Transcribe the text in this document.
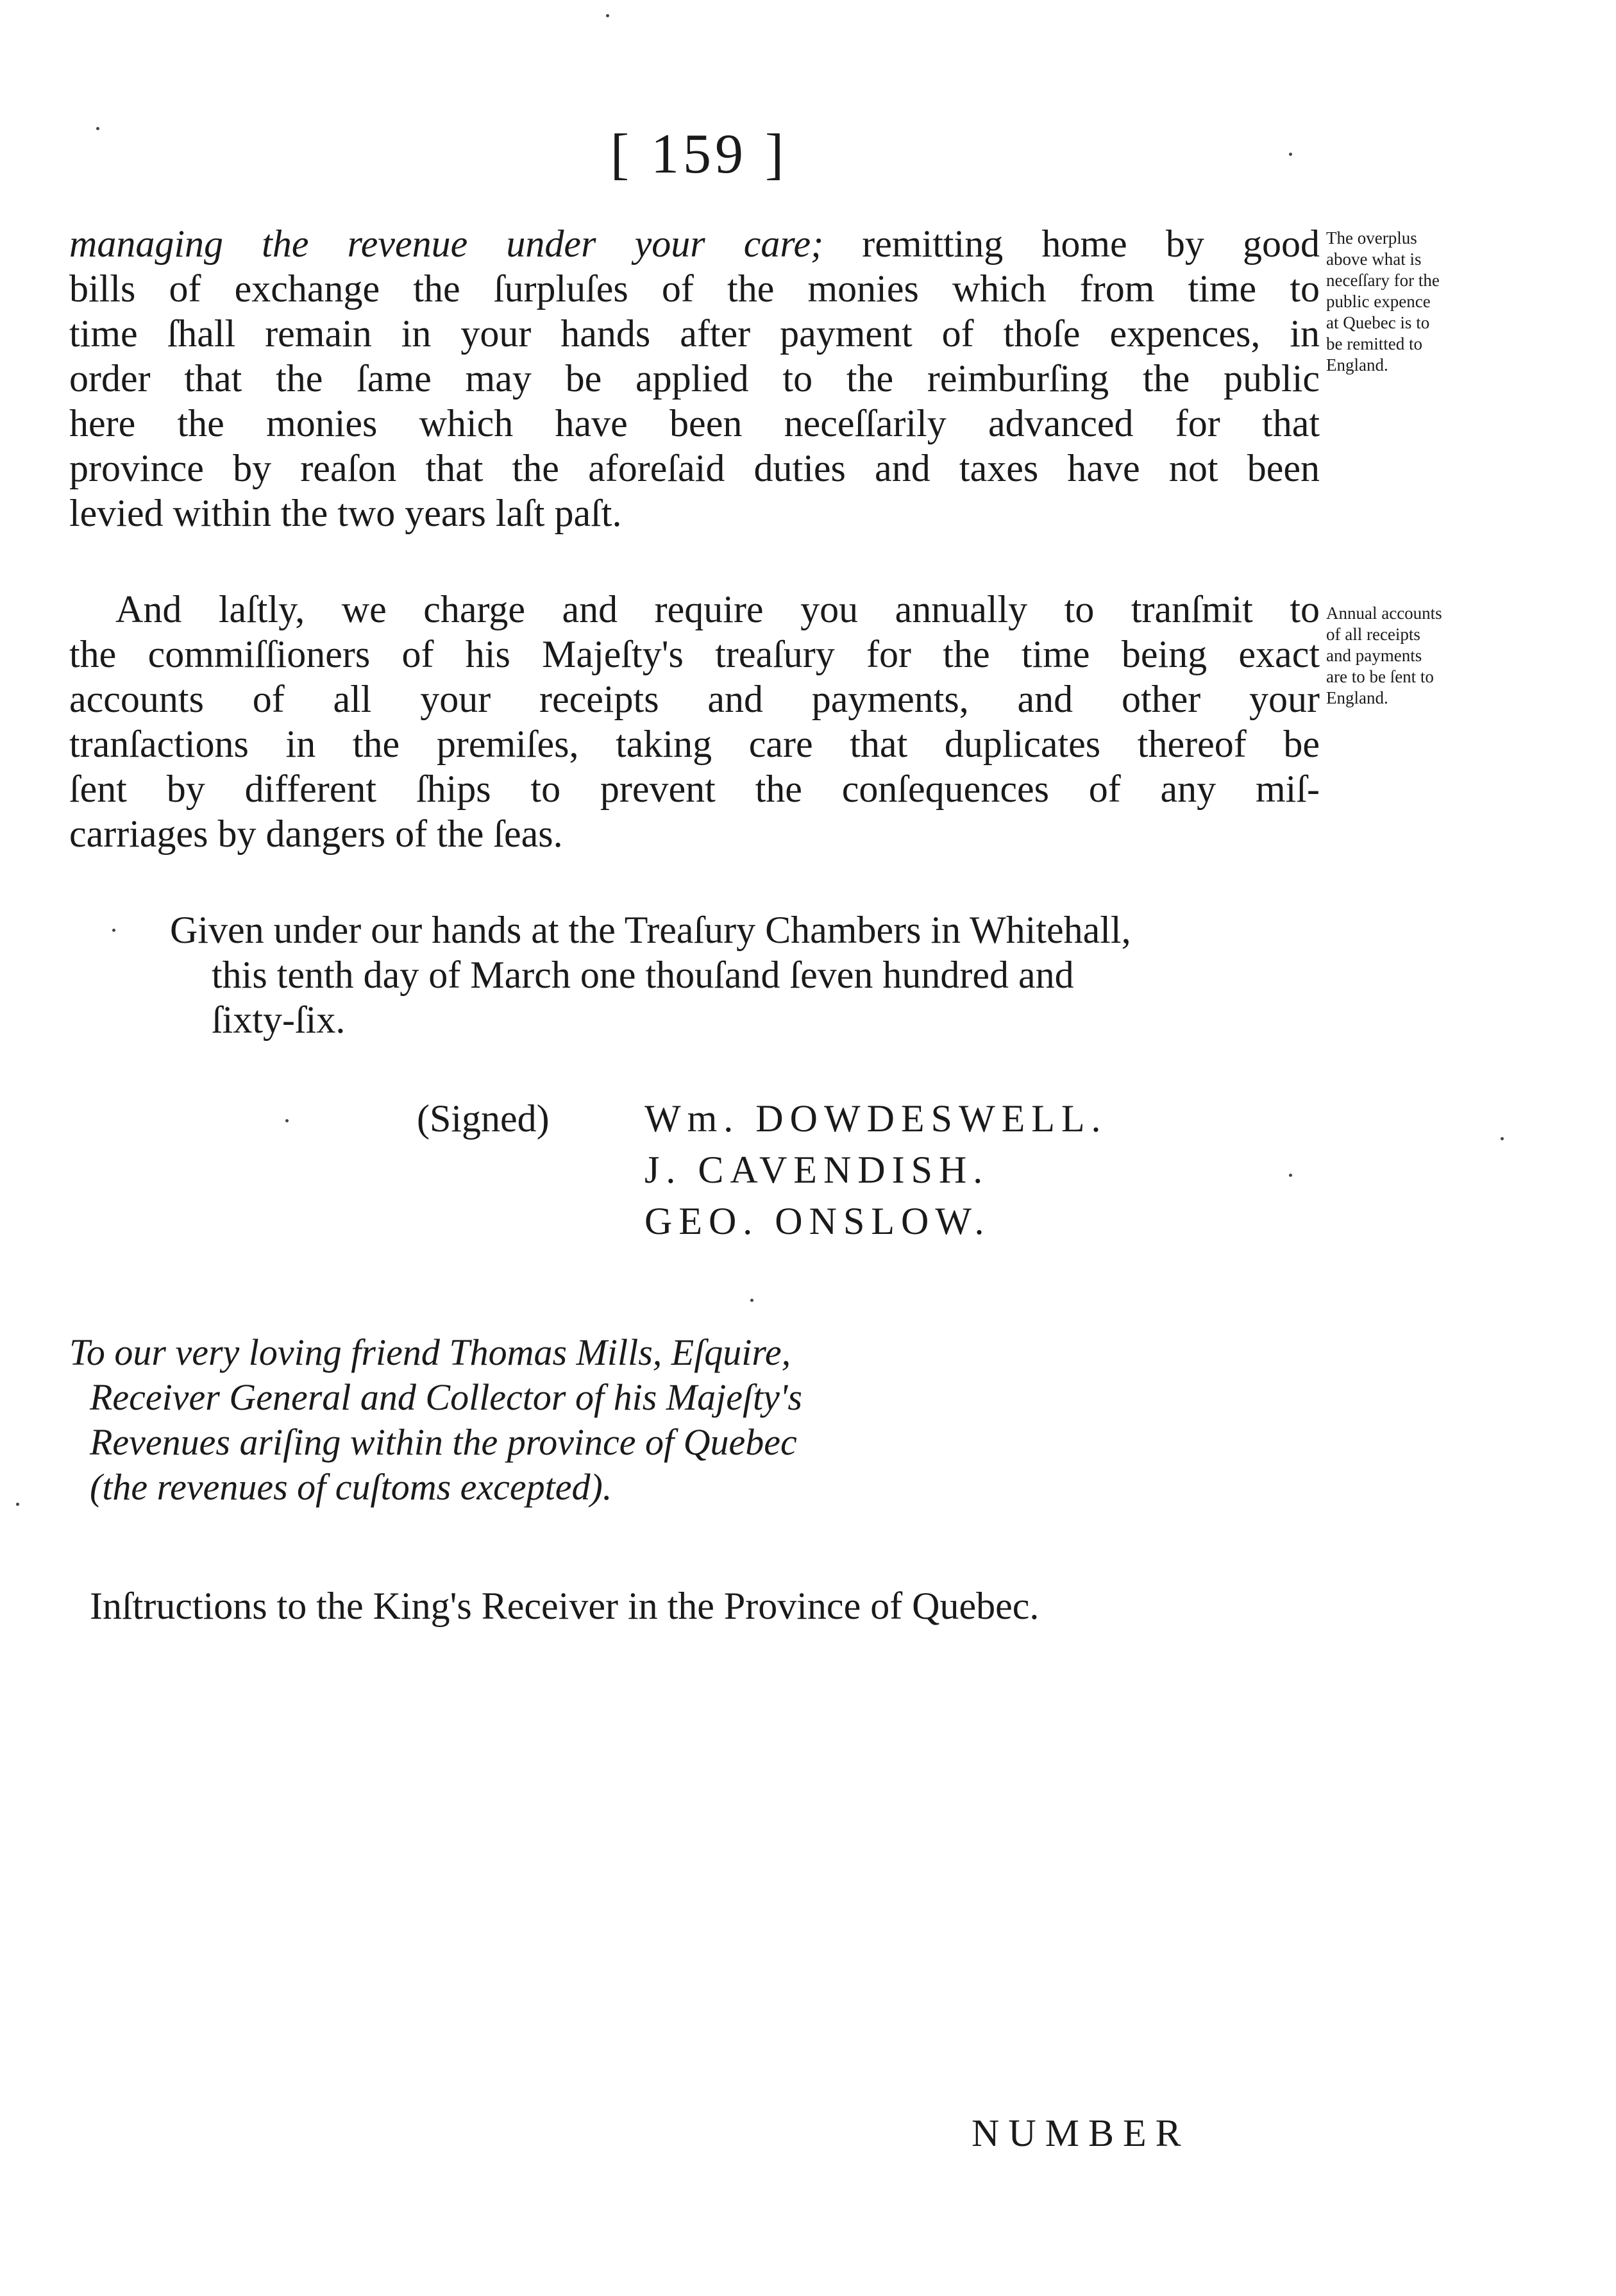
[ 159 ]
managing the revenue under your care; remitting home by good
bills of exchange the ſurpluſes of the monies which from time to
time ſhall remain in your hands after payment of thoſe expences, in
order that the ſame may be applied to the reimburſing the public
here the monies which have been neceſſarily advanced for that
province by reaſon that the aforeſaid duties and taxes have not been
levied within the two years laſt paſt.
The overplus
above what is
neceſſary for the
public expence
at Quebec is to
be remitted to
England.
And laſtly, we charge and require you annually to tranſmit to
the commiſſioners of his Majeſty's treaſury for the time being exact
accounts of all your receipts and payments, and other your
tranſactions in the premiſes, taking care that duplicates thereof be
ſent by different ſhips to prevent the conſequences of any miſ-
carriages by dangers of the ſeas.
Annual accounts
of all receipts
and payments
are to be ſent to
England.
Given under our hands at the Treaſury Chambers in Whitehall,
this tenth day of March one thouſand ſeven hundred and
ſixty-ſix.
(Signed) Wm. DOWDESWELL.
J. CAVENDISH.
GEO. ONSLOW.
To our very loving friend Thomas Mills, Eſquire,
Receiver General and Collector of his Majeſty's
Revenues ariſing within the province of Quebec
(the revenues of cuſtoms excepted).
Inſtructions to the King's Receiver in the Province of Quebec.
NUMBER
